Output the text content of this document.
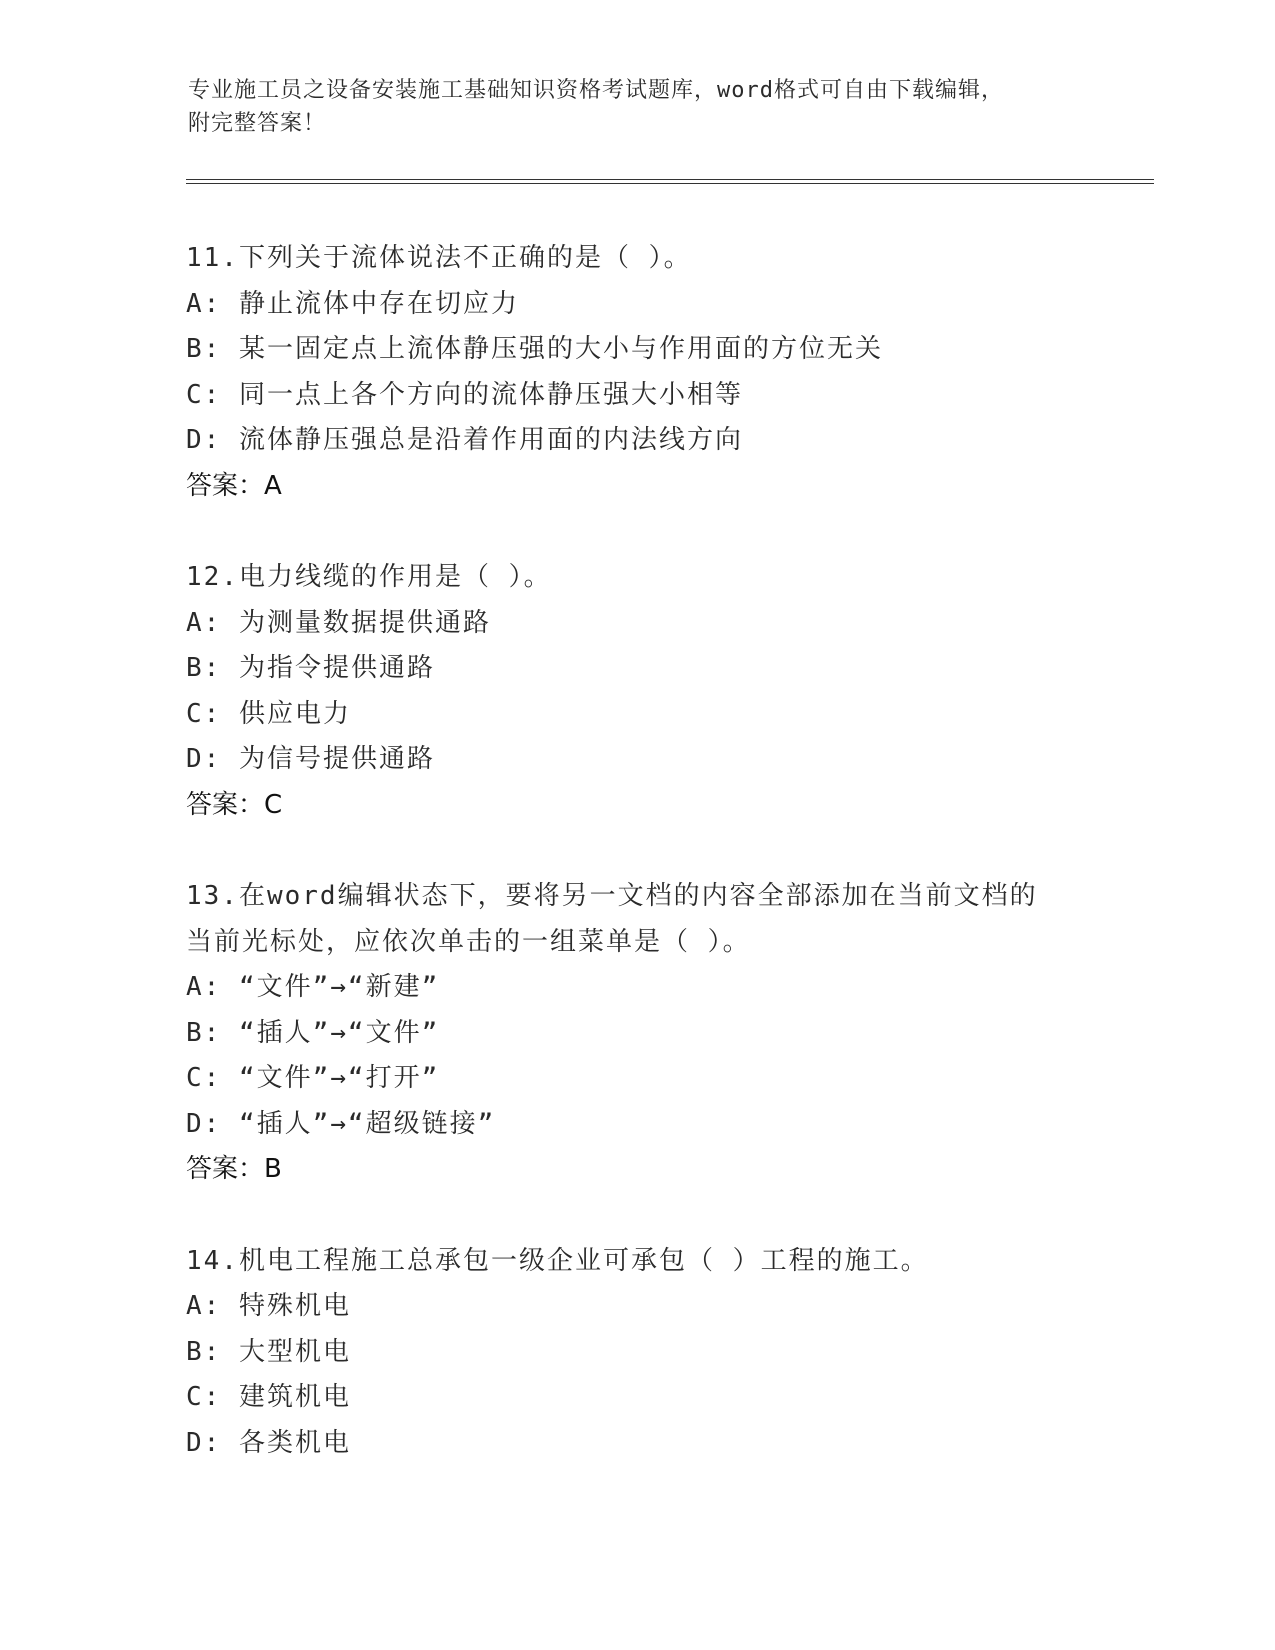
专业施工员之设备安装施工基础知识资格考试题库，word格式可自由下载编辑，
附完整答案！
11.下列关于流体说法不正确的是（ ）。
A: 静止流体中存在切应力
B: 某一固定点上流体静压强的大小与作用面的方位无关
C: 同一点上各个方向的流体静压强大小相等
D: 流体静压强总是沿着作用面的内法线方向
答案：A
12.电力线缆的作用是（ ）。
A: 为测量数据提供通路
B: 为指令提供通路
C: 供应电力
D: 为信号提供通路
答案：C
13.在word编辑状态下，要将另一文档的内容全部添加在当前文档的
当前光标处，应依次单击的一组菜单是（ ）。
A: “文件”→“新建”
B: “插人”→“文件”
C: “文件”→“打开”
D: “插人”→“超级链接”
答案：B
14.机电工程施工总承包一级企业可承包（ ）工程的施工。
A: 特殊机电
B: 大型机电
C: 建筑机电
D: 各类机电
